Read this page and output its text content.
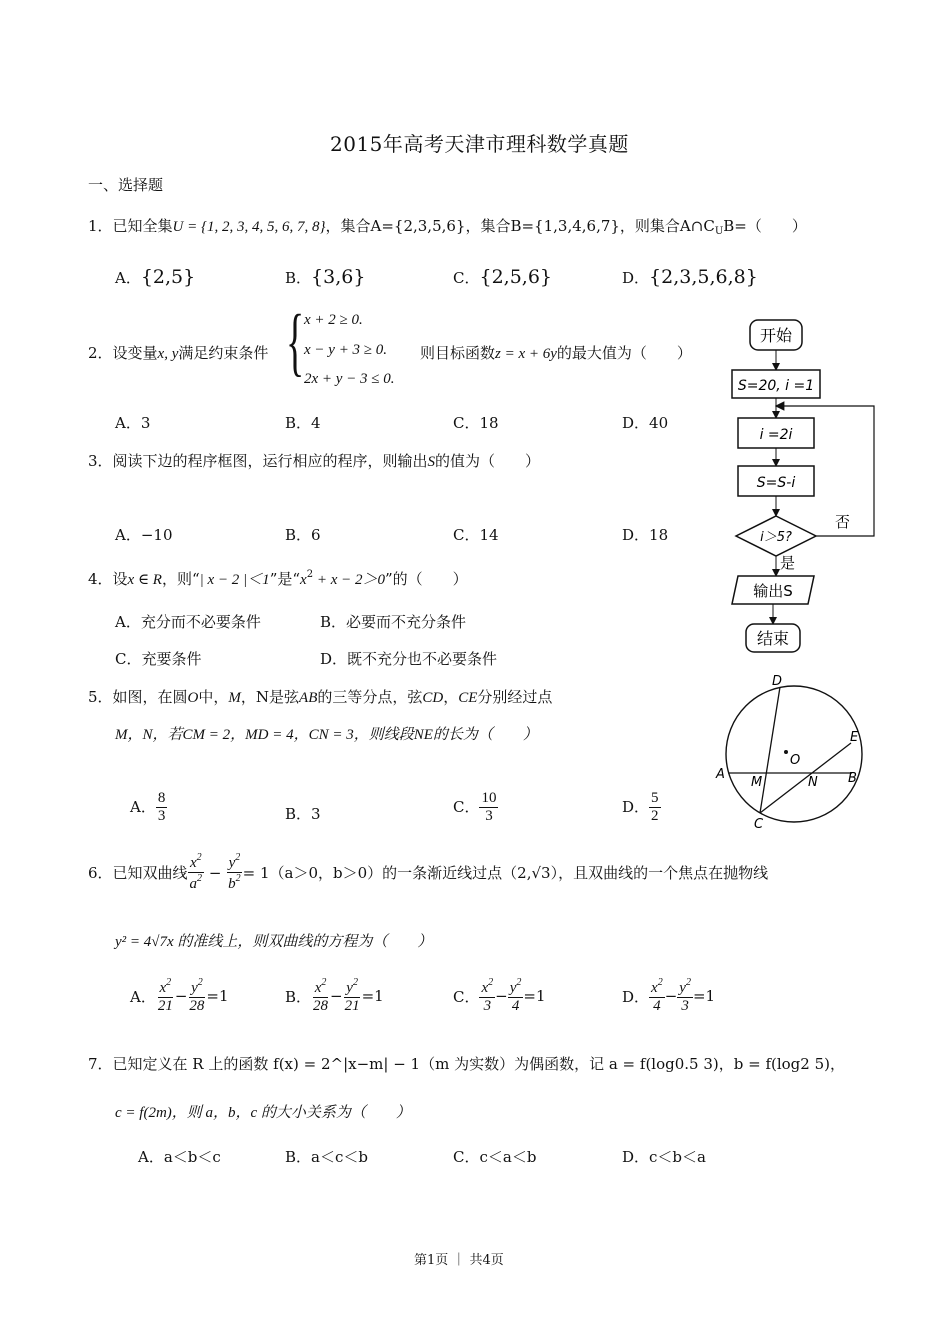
2015年高考天津市理科数学真题
一、选择题
1．已知全集U = {1, 2, 3, 4, 5, 6, 7, 8}，集合A={2,3,5,6}，集合B={1,3,4,6,7}，则集合$A\cap C_UB=$（　　）
A．{2,5}	B．{3,6}	C．{2,5,6}	D．{2,3,5,6,8}
2．设变量x, y满足约束条件 { x + 2 ≥ 0.
x − y + 3 ≥ 0.
2x + y − 3 ≤ 0.
则目标函数z = x + 6y的最大值为（　　）
A．3	B．4	C．18	D．40
3．阅读下边的程序框图，运行相应的程序，则输出S的值为（　　）
A．−10	B．6	C．14	D．18
开始
S=20, i =1
i =2i
S=S-i
i＞5?
否
是
输出S
结束
4．设x ∈ R，则“| x − 2 |＜1”是“$x^2 + x - 2>0$”的（　　）
A．充分而不必要条件	B．必要而不充分条件
C．充要条件	D．既不充分也不必要条件
5．如图，在圆O中，M，N是弦AB的三等分点，弦CD，CE分别经过点
M，N，若CM = 2，MD = 4，CN = 3，则线段NE的长为（　　）
A． $\frac{8}{3}$	B．3	C． $\frac{10}{3}$	D． $\frac{5}{2}$
D
E
O
A
M	N B
C
6．已知双曲线 $\frac{x^2}{a^2} - \frac{y^2}{b^2} = 1(a>0$，b＞0）的一条渐近线过点（2,√3），且双曲线的一个焦点在抛物线
y² = 4√7x 的准线上，则双曲线的方程为（　　）
A． $\frac{x^2}{21} - \frac{y^2}{28} =1$	B． $\frac{x^2}{28} - \frac{y^2}{21} =1$	C． $\frac{x^2}{3} - \frac{y^2}{4} =1$	D． $\frac{x^2}{4} - \frac{y^2}{3} =1$
7．已知定义在 R 上的函数 f(x) = 2^|x−m| − 1（m 为实数）为偶函数，记 a = f(log0.5 3)，b = f(log2 5)，
c = f(2m)，则 a，b，c 的大小关系为（　　）
A．a＜b＜c	B．a＜c＜b	C．c＜a＜b	D．c＜b＜a
第1页 ｜ 共4页
